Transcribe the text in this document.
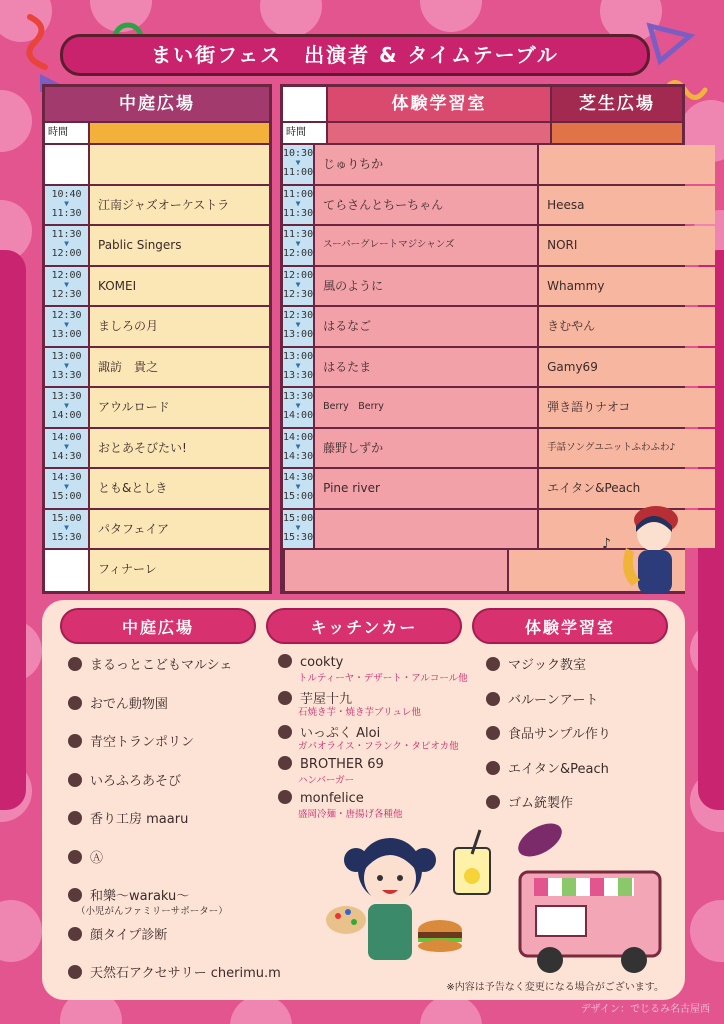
まい街フェス　出演者 & タイムテーブル
中庭広場
時間
10:40
▼
11:30
江南ジャズオーケストラ
11:30
▼
12:00
Pablic Singers
12:00
▼
12:30
KOMEI
12:30
▼
13:00
ましろの月
13:00
▼
13:30
諏訪　貴之
13:30
▼
14:00
アウルロード
14:00
▼
14:30
おとあそびたい!
14:30
▼
15:00
とも&としき
15:00
▼
15:30
パタフェイア
フィナーレ
体験学習室	芝生広場
時間
10:30
▼
11:00
じゅりちか
11:00
▼
11:30
てらさんとちーちゃん	Heesa
11:30
▼
12:00
スーパーグレートマジシャンズ	NORI
12:00
▼
12:30
風のように	Whammy
12:30
▼
13:00
はるなご	きむやん
13:00
▼
13:30
はるたま	Gamy69
13:30
▼
14:00
Berry　Berry	弾き語りナオコ
14:00
▼
14:30
藤野しずか	手話ソングユニットふわふわ♪
14:30
▼
15:00
Pine river	エイタン&Peach
15:00
▼
15:30	♪
中庭広場	キッチンカー	体験学習室
まるっとこどもマルシェ
おでん動物園
青空トランポリン
いろふろあそび
香り工房 maaru
Ⓐ
和樂～waraku～
（小児がんファミリーサポーター）
顔タイプ診断
天然石アクセサリー cherimu.m
cookty
トルティーヤ・デザート・アルコール他
芋屋十九
石焼き芋・焼き芋ブリュレ他
いっぷく Aloi
ガパオライス・フランク・タピオカ他
BROTHER 69
ハンバーガー
monfelice
盛岡冷麺・唐揚げ各種他
マジック教室
バルーンアート
食品サンプル作り
エイタン&Peach
ゴム銃製作
※内容は予告なく変更になる場合がございます。
デザイン：でじるみ名古屋西
